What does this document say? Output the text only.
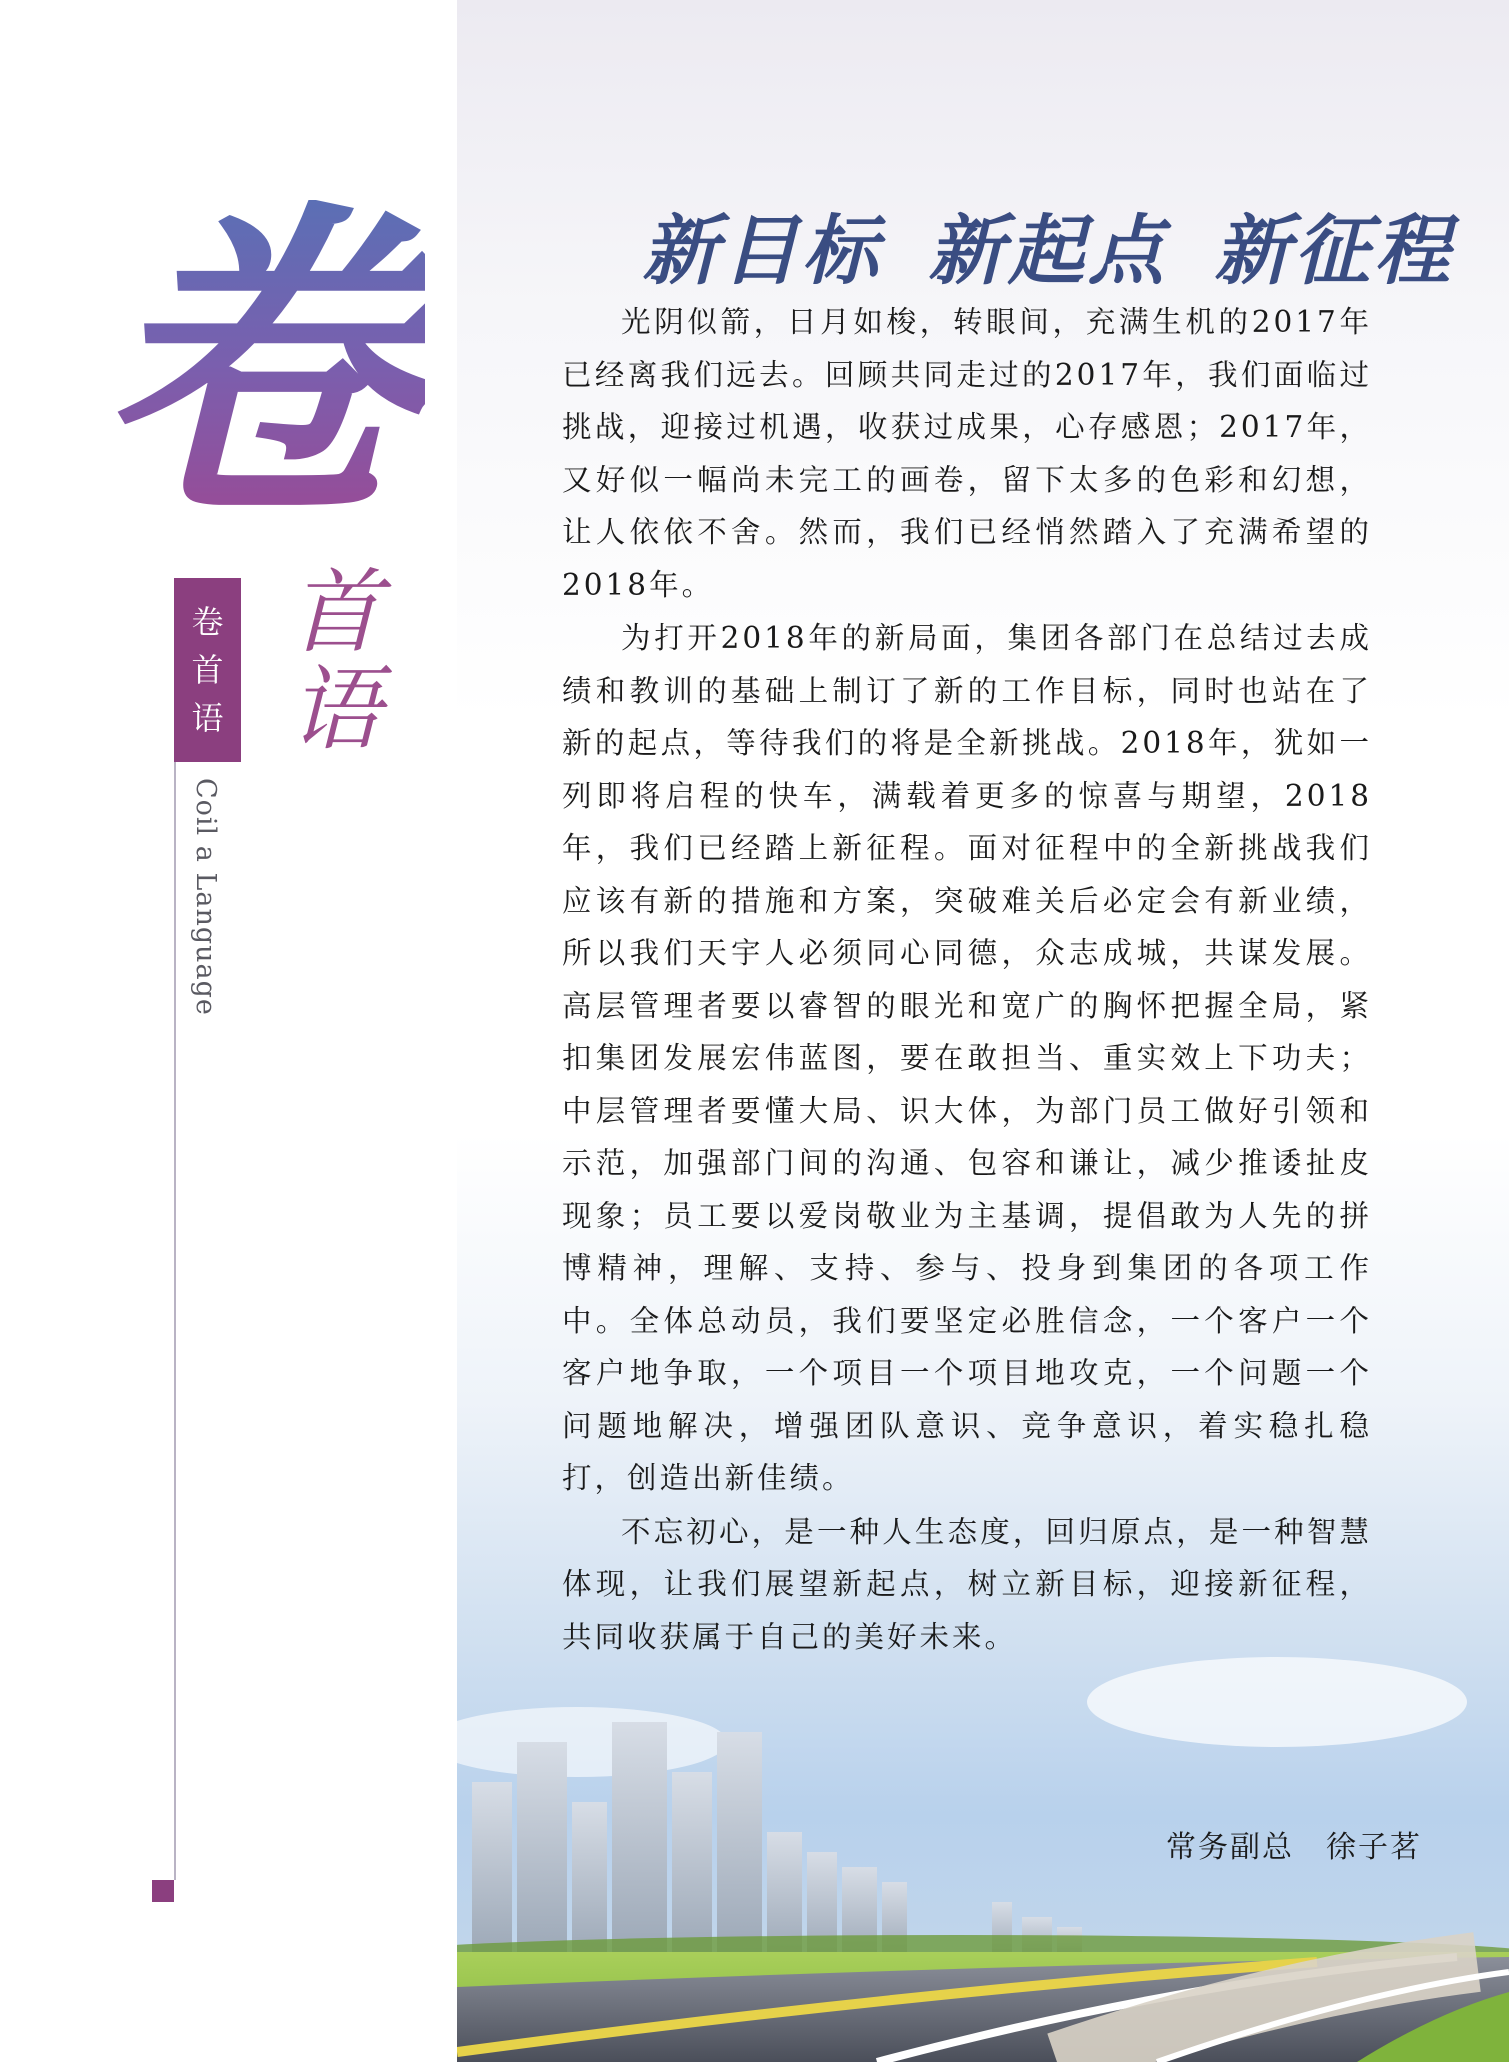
卷
首
语
卷
首
语
Coil a Language
新目标 新起点 新征程

光阴似箭，日月如梭，转眼间，充满生机的2017年已经离我们远去。回顾共同走过的2017年，我们面临过挑战，迎接过机遇，收获过成果，心存感恩；2017年，又好似一幅尚未完工的画卷，留下太多的色彩和幻想，让人依依不舍。然而，我们已经悄然踏入了充满希望的2018年。

为打开2018年的新局面，集团各部门在总结过去成绩和教训的基础上制订了新的工作目标，同时也站在了新的起点，等待我们的将是全新挑战。2018年，犹如一列即将启程的快车，满载着更多的惊喜与期望，2018年，我们已经踏上新征程。面对征程中的全新挑战我们应该有新的措施和方案，突破难关后必定会有新业绩，所以我们天宇人必须同心同德，众志成城，共谋发展。高层管理者要以睿智的眼光和宽广的胸怀把握全局，紧扣集团发展宏伟蓝图，要在敢担当、重实效上下功夫；中层管理者要懂大局、识大体，为部门员工做好引领和示范，加强部门间的沟通、包容和谦让，减少推诿扯皮现象；员工要以爱岗敬业为主基调，提倡敢为人先的拼博精神，理解、支持、参与、投身到集团的各项工作中。全体总动员，我们要坚定必胜信念，一个客户一个客户地争取，一个项目一个项目地攻克，一个问题一个问题地解决，增强团队意识、竞争意识，着实稳扎稳打，创造出新佳绩。

不忘初心，是一种人生态度，回归原点，是一种智慧体现，让我们展望新起点，树立新目标，迎接新征程，共同收获属于自己的美好未来。

常务副总 徐子茗
